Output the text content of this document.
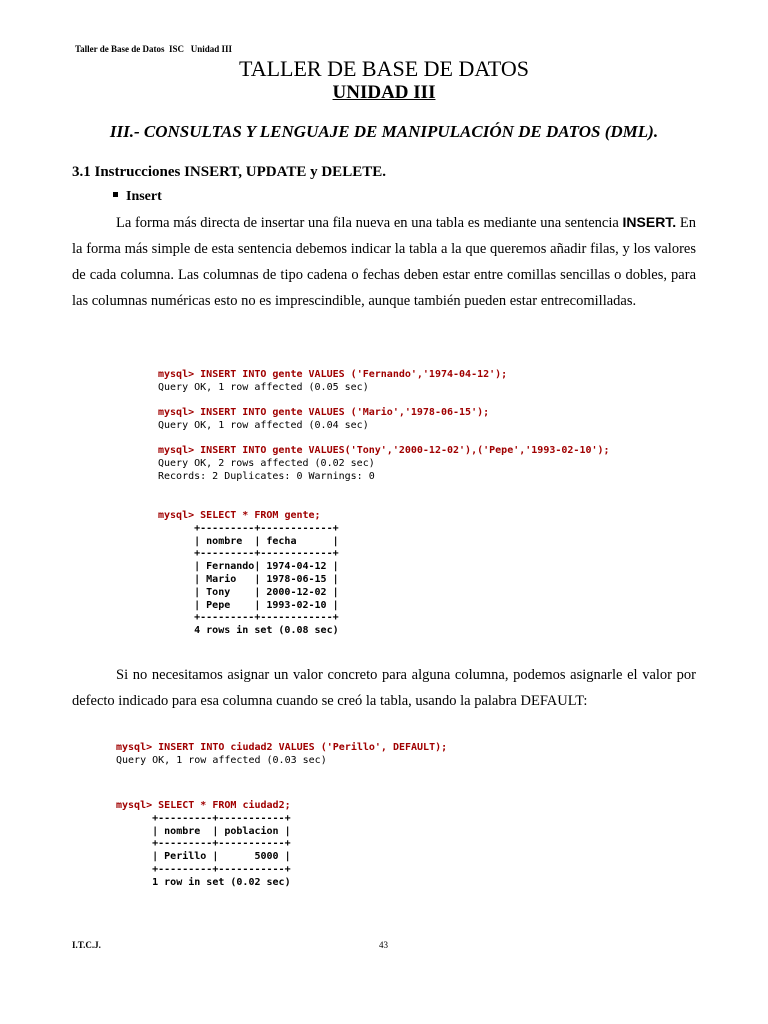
Taller de Base de Datos  ISC   Unidad III
TALLER DE BASE DE DATOS
UNIDAD III
III.- CONSULTAS Y LENGUAJE DE MANIPULACIÓN DE DATOS (DML).
3.1 Instrucciones INSERT, UPDATE y DELETE.
Insert
La forma más directa de insertar una fila nueva en una tabla es mediante una sentencia INSERT. En la forma más simple de esta sentencia debemos indicar la tabla a la que queremos añadir filas, y los valores de cada columna. Las columnas de tipo cadena o fechas deben estar entre comillas sencillas o dobles, para las columnas numéricas esto no es imprescindible, aunque también pueden estar entrecomilladas.
mysql> INSERT INTO gente VALUES ('Fernando','1974-04-12');
Query OK, 1 row affected (0.05 sec)
mysql> INSERT INTO gente VALUES ('Mario','1978-06-15');
Query OK, 1 row affected (0.04 sec)
mysql> INSERT INTO gente VALUES('Tony','2000-12-02'),('Pepe','1993-02-10');
Query OK, 2 rows affected (0.02 sec)
Records: 2 Duplicates: 0 Warnings: 0
mysql> SELECT * FROM gente;
+---------+------------+
| nombre  | fecha      |
+---------+------------+
| Fernando| 1974-04-12 |
| Mario   | 1978-06-15 |
| Tony    | 2000-12-02 |
| Pepe    | 1993-02-10 |
+---------+------------+
4 rows in set (0.08 sec)
Si no necesitamos asignar un valor concreto para alguna columna, podemos asignarle el valor por defecto indicado para esa columna cuando se creó la tabla, usando la palabra DEFAULT:
mysql> INSERT INTO ciudad2 VALUES ('Perillo', DEFAULT);
Query OK, 1 row affected (0.03 sec)
mysql> SELECT * FROM ciudad2;
+---------+-----------+
| nombre  | poblacion |
+---------+-----------+
| Perillo |      5000 |
+---------+-----------+
1 row in set (0.02 sec)
I.T.C.J.	43
